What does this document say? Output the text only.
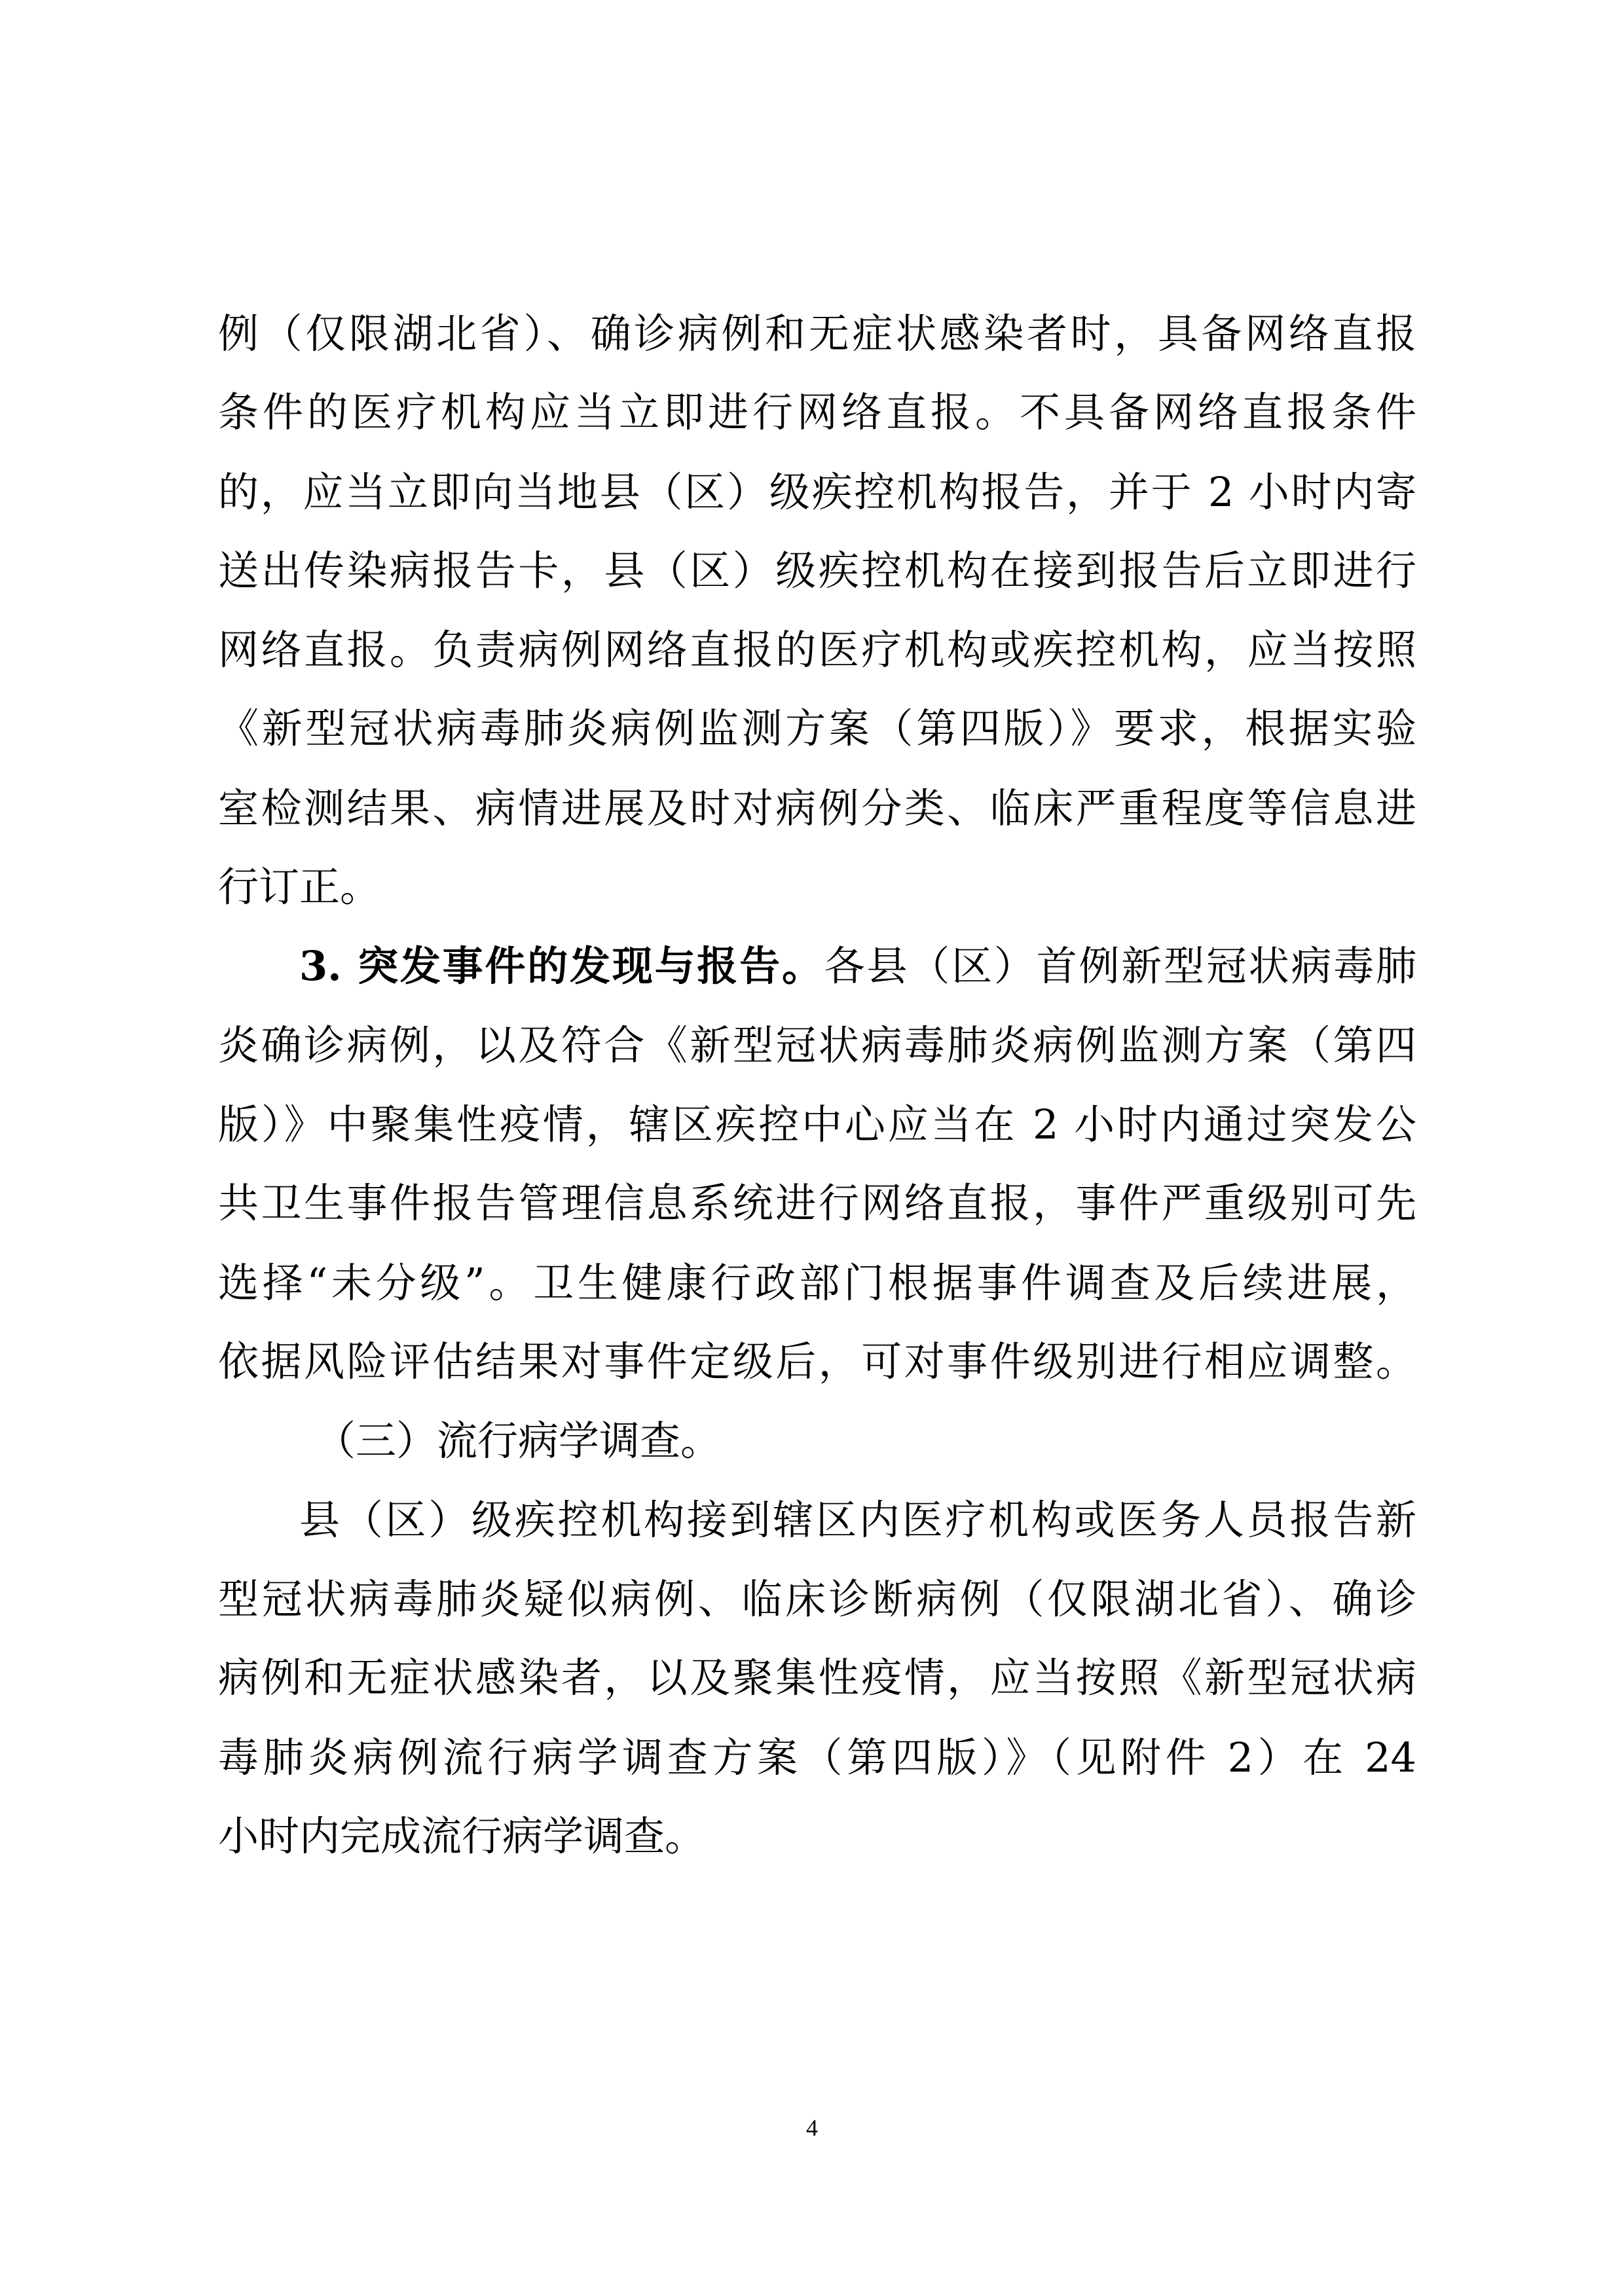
例（仅限湖北省）、确诊病例和无症状感染者时，具备网络直报
条件的医疗机构应当立即进行网络直报。不具备网络直报条件
的，应当立即向当地县（区）级疾控机构报告，并于 2 小时内寄
送出传染病报告卡，县（区）级疾控机构在接到报告后立即进行
网络直报。负责病例网络直报的医疗机构或疾控机构，应当按照
《新型冠状病毒肺炎病例监测方案（第四版）》要求，根据实验
室检测结果、病情进展及时对病例分类、临床严重程度等信息进
行订正。
3. 突发事件的发现与报告。各县（区）首例新型冠状病毒肺
炎确诊病例，以及符合《新型冠状病毒肺炎病例监测方案（第四
版）》中聚集性疫情，辖区疾控中心应当在 2 小时内通过突发公
共卫生事件报告管理信息系统进行网络直报，事件严重级别可先
选择“未分级”。卫生健康行政部门根据事件调查及后续进展，
依据风险评估结果对事件定级后，可对事件级别进行相应调整。
（三）流行病学调查。
县（区）级疾控机构接到辖区内医疗机构或医务人员报告新
型冠状病毒肺炎疑似病例、临床诊断病例（仅限湖北省）、确诊
病例和无症状感染者，以及聚集性疫情，应当按照《新型冠状病
毒肺炎病例流行病学调查方案（第四版）》（见附件 2）在 24
小时内完成流行病学调查。
4
